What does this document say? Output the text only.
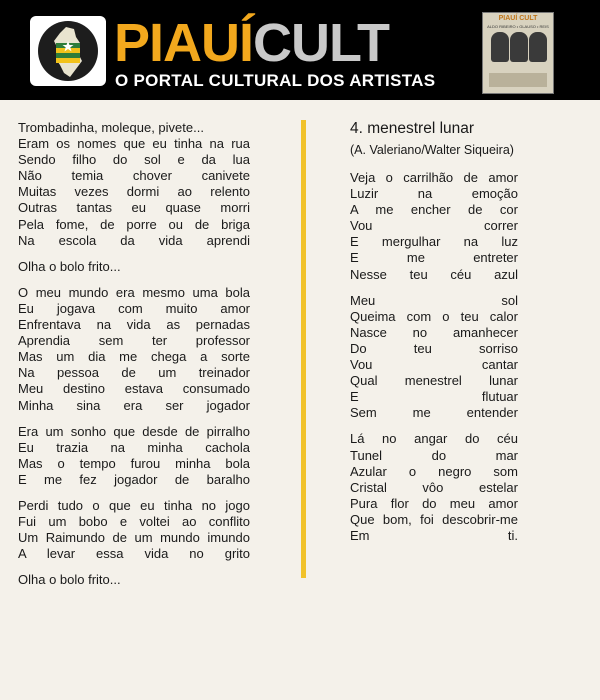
PIAUÍCULT
O PORTAL CULTURAL DOS ARTISTAS
PIAUÍ CULT
ALDO RIBEIRO • GLAUSO • REIS
Trombadinha, moleque, pivete...
Eram os nomes que eu tinha na rua
Sendo filho do sol e da lua
Não temia chover canivete
Muitas vezes dormi ao relento
Outras tantas eu quase morri
Pela fome, de porre ou de briga
Na escola da vida aprendi
Olha o bolo frito...
O meu mundo era mesmo uma bola
Eu jogava com muito amor
Enfrentava na vida as pernadas
Aprendia sem ter professor
Mas um dia me chega a sorte
Na pessoa de um treinador
Meu destino estava consumado
Minha sina era ser jogador
Era um sonho que desde de pirralho
Eu trazia na minha cachola
Mas o tempo furou minha bola
E me fez jogador de baralho
Perdi tudo o que eu tinha no jogo
Fui um bobo e voltei ao conflito
Um Raimundo de um mundo imundo
A levar essa vida no grito
Olha o bolo frito...
4. menestrel lunar
(A. Valeriano/Walter Siqueira)
Veja o carrilhão de amor
Luzir na emoção
A me encher de cor
Vou correr
E mergulhar na luz
E me entreter
Nesse teu céu azul
Meu sol
Queima com o teu calor
Nasce no amanhecer
Do teu sorriso
Vou cantar
Qual menestrel lunar
E flutuar
Sem me entender
Lá no angar do céu
Tunel do mar
Azular o negro som
Cristal vôo estelar
Pura flor do meu amor
Que bom, foi descobrir-me
Em ti.
